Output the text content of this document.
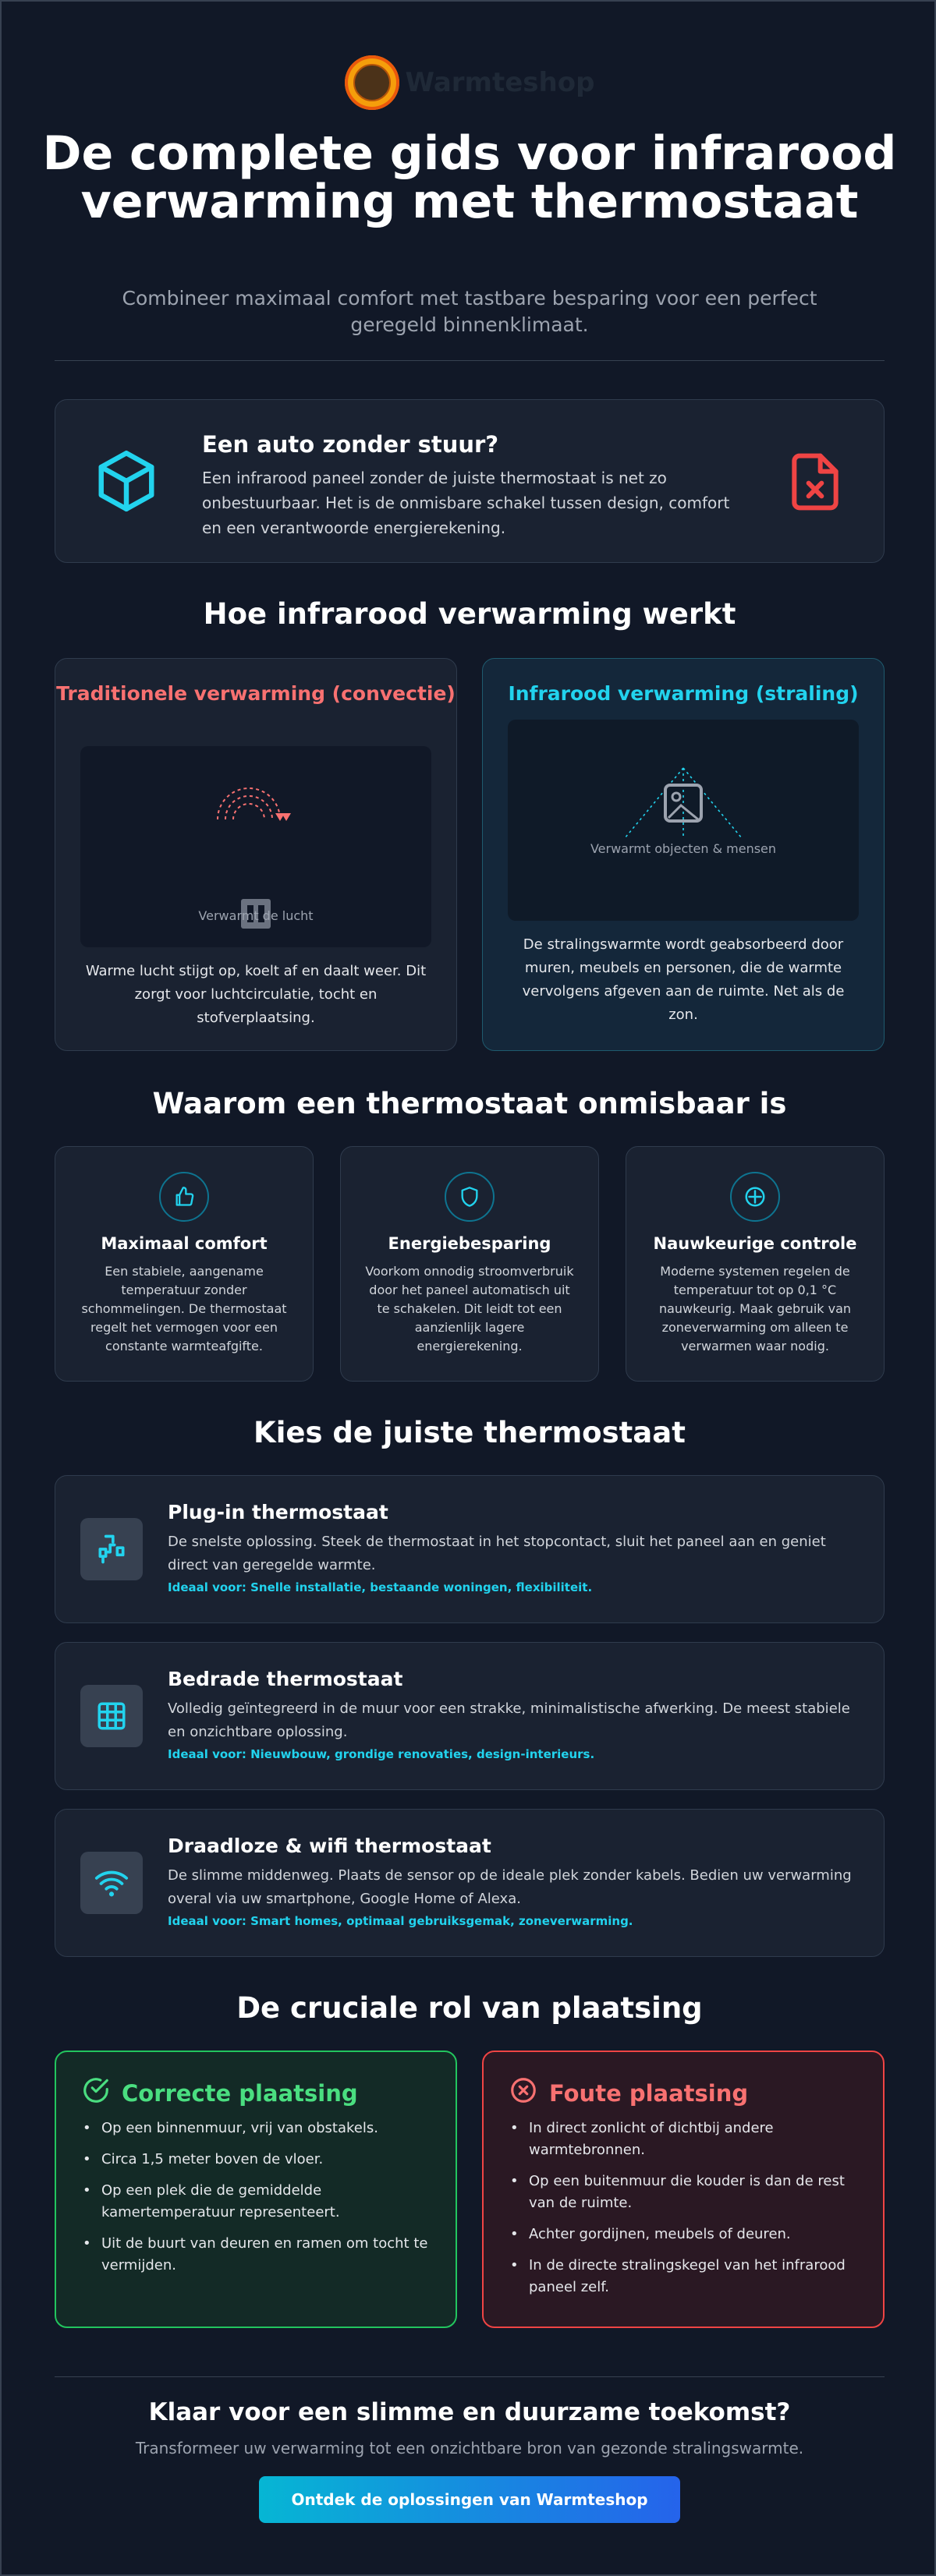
Warmteshop
De complete gids voor infrarood verwarming met thermostaat

Combineer maximaal comfort met tastbare besparing voor een perfect geregeld binnenklimaat.

Een auto zonder stuur?
Een infrarood paneel zonder de juiste thermostaat is net zo onbestuurbaar. Het is de onmisbare schakel tussen design, comfort en een verantwoorde energierekening.
Hoe infrarood verwarming werkt
Traditionele verwarming (convectie)
Verwarmt de lucht
Warme lucht stijgt op, koelt af en daalt weer. Dit zorgt voor luchtcirculatie, tocht en stofverplaatsing.
Infrarood verwarming (straling)
Verwarmt objecten & mensen
De stralingswarmte wordt geabsorbeerd door muren, meubels en personen, die de warmte vervolgens afgeven aan de ruimte. Net als de zon.
Waarom een thermostaat onmisbaar is
Maximaal comfort
Een stabiele, aangename temperatuur zonder schommelingen. De thermostaat regelt het vermogen voor een constante warmteafgifte.
Energiebesparing
Voorkom onnodig stroomverbruik door het paneel automatisch uit te schakelen. Dit leidt tot een aanzienlijk lagere energierekening.
Nauwkeurige controle
Moderne systemen regelen de temperatuur tot op 0,1 °C nauwkeurig. Maak gebruik van zoneverwarming om alleen te verwarmen waar nodig.
Kies de juiste thermostaat
Plug-in thermostaat
De snelste oplossing. Steek de thermostaat in het stopcontact, sluit het paneel aan en geniet direct van geregelde warmte.
Ideaal voor: Snelle installatie, bestaande woningen, flexibiliteit.
Bedrade thermostaat
Volledig geïntegreerd in de muur voor een strakke, minimalistische afwerking. De meest stabiele en onzichtbare oplossing.
Ideaal voor: Nieuwbouw, grondige renovaties, design-interieurs.
Draadloze & wifi thermostaat
De slimme middenweg. Plaats de sensor op de ideale plek zonder kabels. Bedien uw verwarming overal via uw smartphone, Google Home of Alexa.
Ideaal voor: Smart homes, optimaal gebruiksgemak, zoneverwarming.
De cruciale rol van plaatsing
Correcte plaatsing
• Op een binnenmuur, vrij van obstakels.
• Circa 1,5 meter boven de vloer.
• Op een plek die de gemiddelde kamertemperatuur representeert.
• Uit de buurt van deuren en ramen om tocht te vermijden.
Foute plaatsing
• In direct zonlicht of dichtbij andere warmtebronnen.
• Op een buitenmuur die kouder is dan de rest van de ruimte.
• Achter gordijnen, meubels of deuren.
• In de directe stralingskegel van het infrarood paneel zelf.
Klaar voor een slimme en duurzame toekomst?

Transformeer uw verwarming tot een onzichtbare bron van gezonde stralingswarmte.

Ontdek de oplossingen van Warmteshop
